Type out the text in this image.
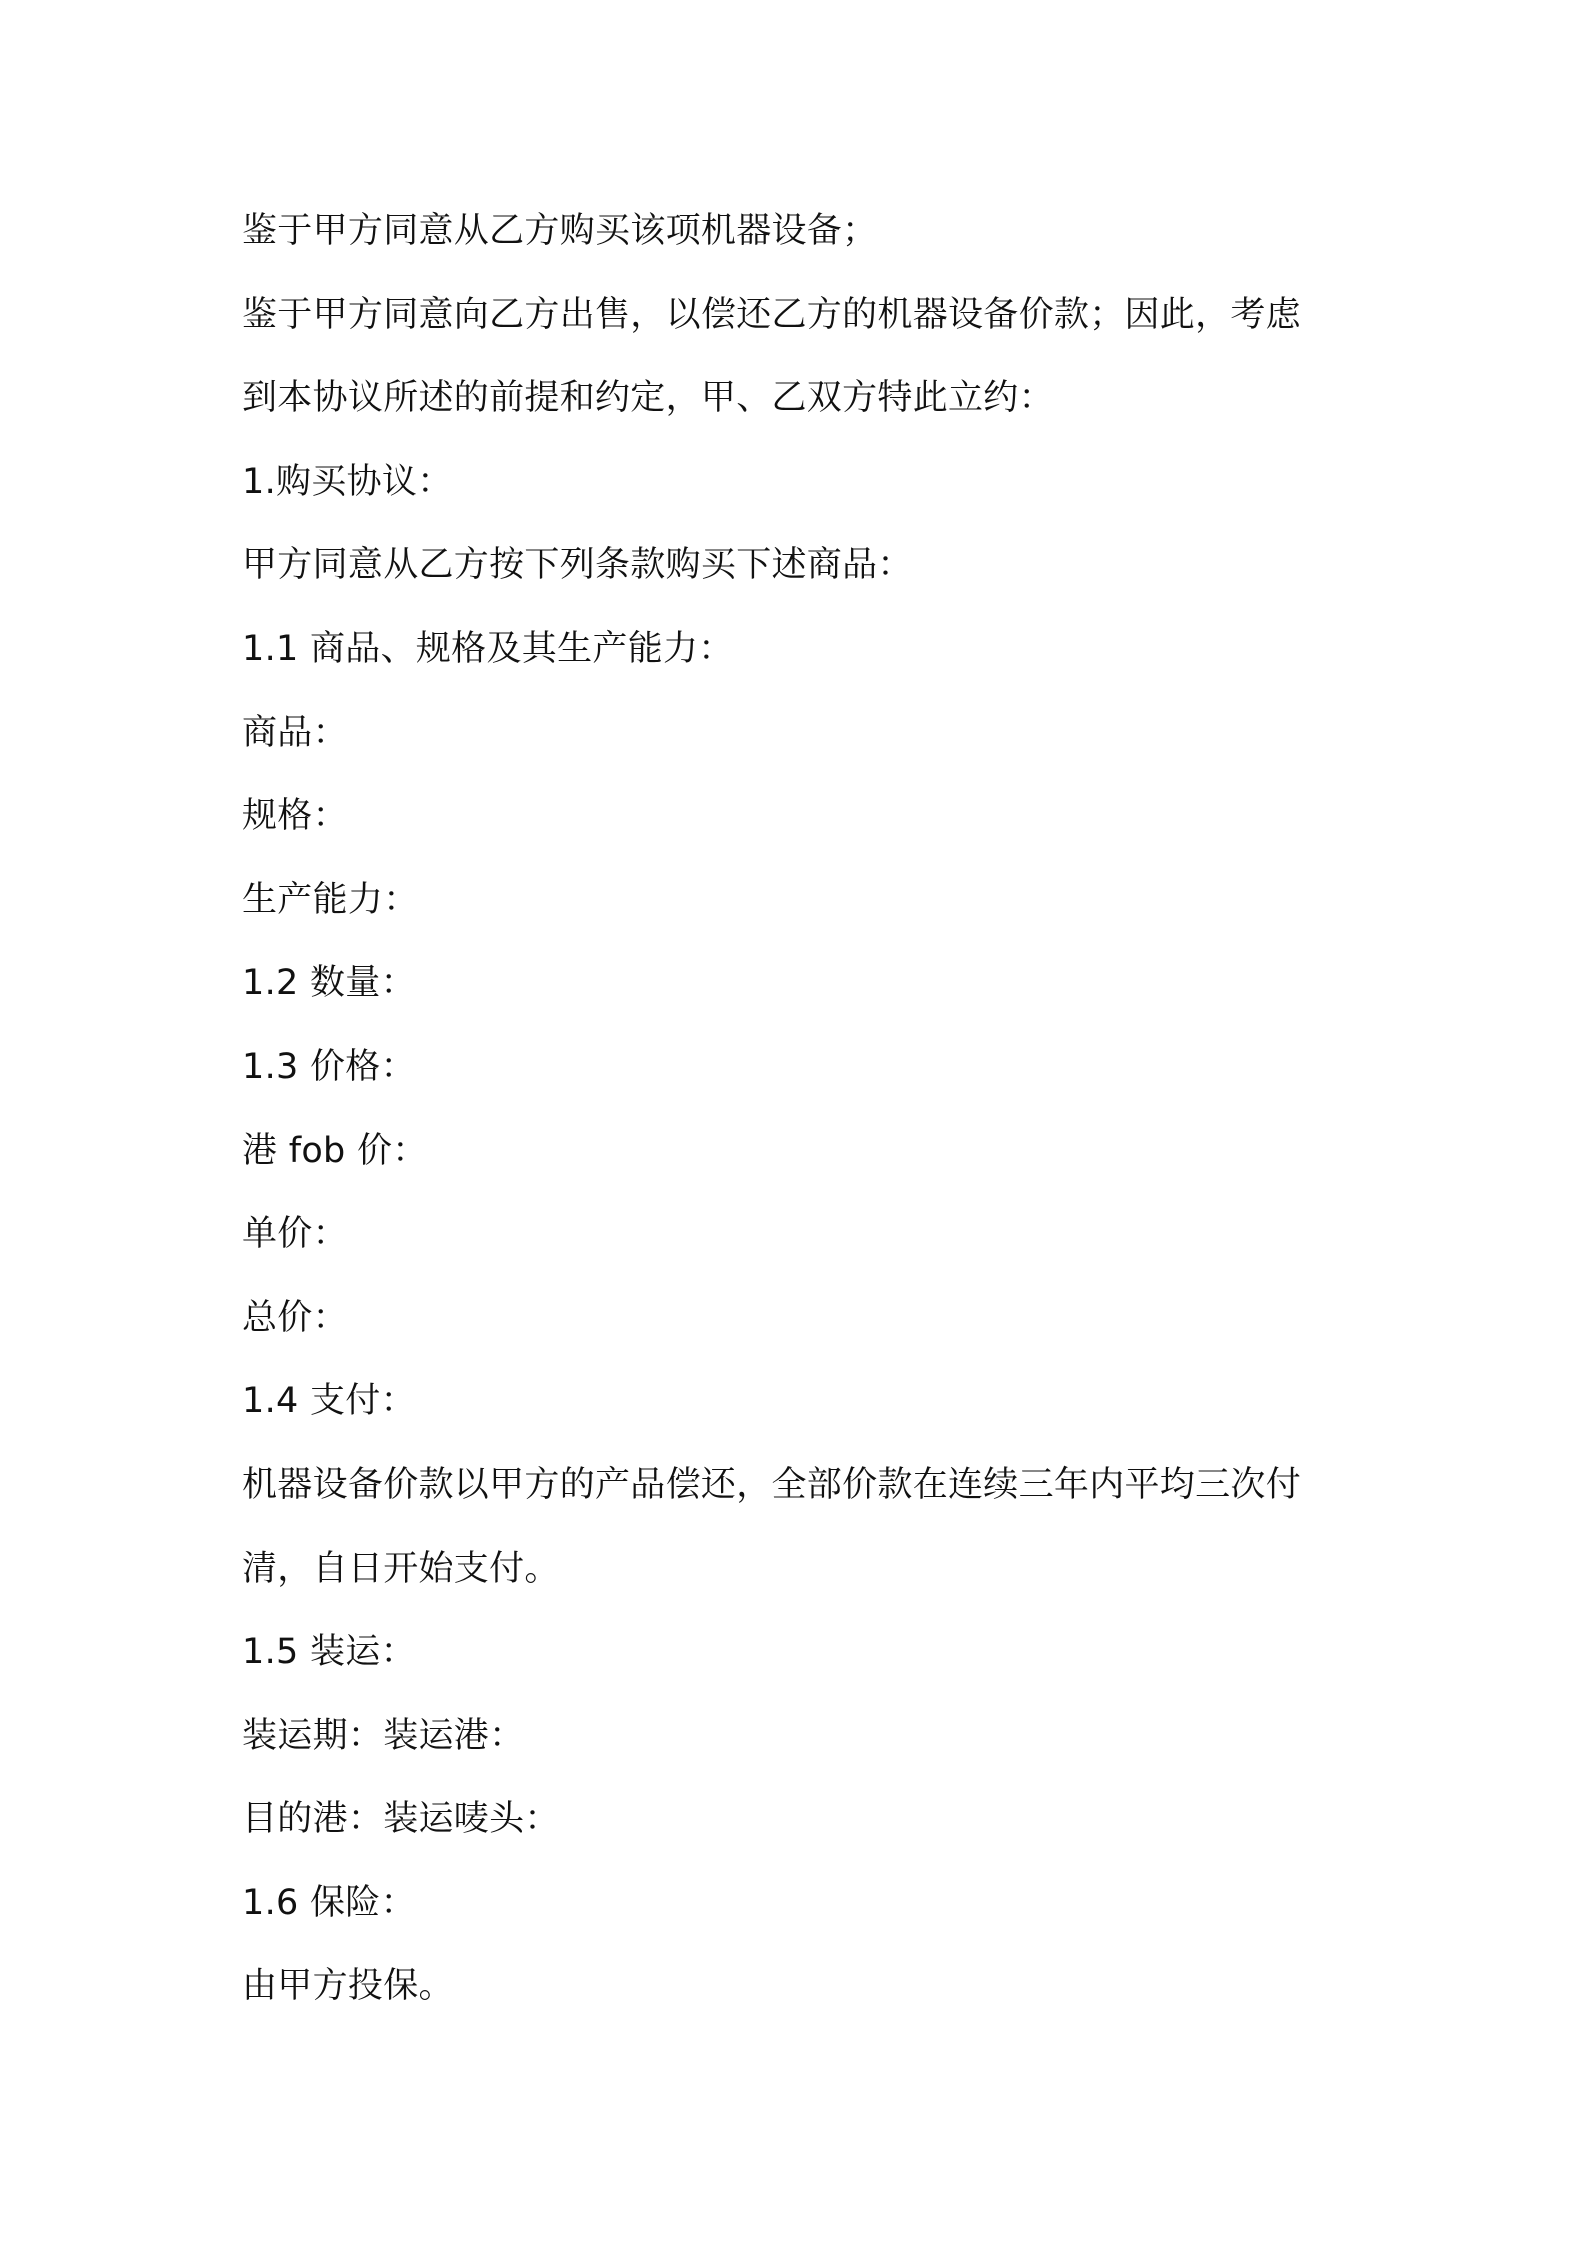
鉴于甲方同意从乙方购买该项机器设备；
鉴于甲方同意向乙方出售，以偿还乙方的机器设备价款；因此，考虑
到本协议所述的前提和约定，甲、乙双方特此立约：
1.购买协议：
甲方同意从乙方按下列条款购买下述商品：
1.1 商品、规格及其生产能力：
商品：
规格：
生产能力：
1.2 数量：
1.3 价格：
港 fob 价：
单价：
总价：
1.4 支付：
机器设备价款以甲方的产品偿还，全部价款在连续三年内平均三次付
清，自日开始支付。
1.5 装运：
装运期：装运港：
目的港：装运唛头：
1.6 保险：
由甲方投保。
